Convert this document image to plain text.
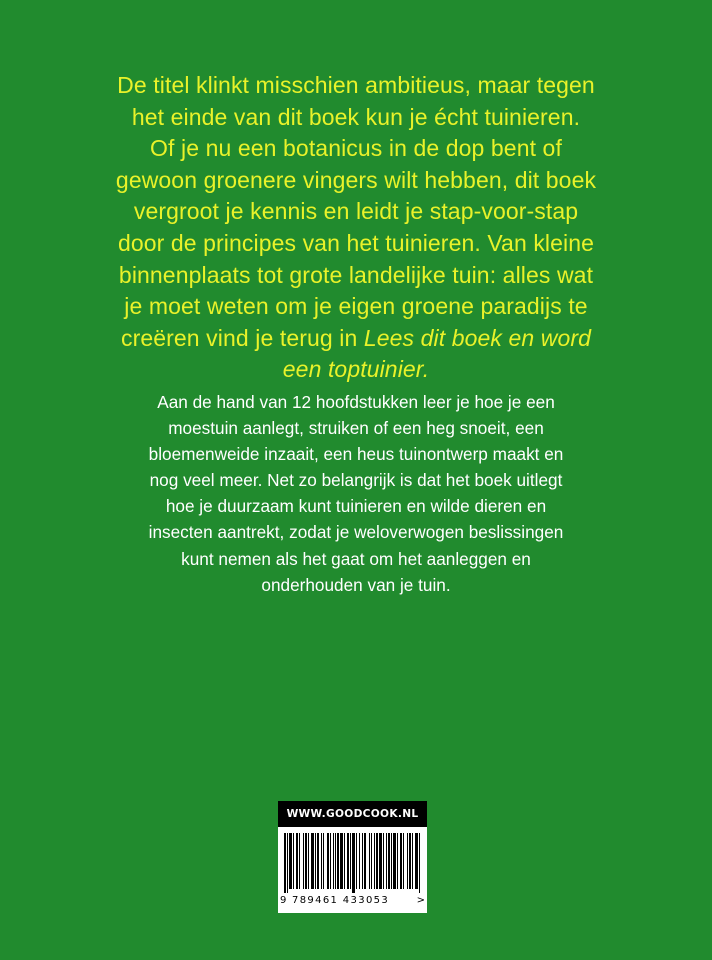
De titel klinkt misschien ambitieus, maar tegen
het einde van dit boek kun je écht tuinieren.
Of je nu een botanicus in de dop bent of
gewoon groenere vingers wilt hebben, dit boek
vergroot je kennis en leidt je stap-voor-stap
door de principes van het tuinieren. Van kleine
binnenplaats tot grote landelijke tuin: alles wat
je moet weten om je eigen groene paradijs te
creëren vind je terug in Lees dit boek en word
een toptuinier.
Aan de hand van 12 hoofdstukken leer je hoe je een
moestuin aanlegt, struiken of een heg snoeit, een
bloemenweide inzaait, een heus tuinontwerp maakt en
nog veel meer. Net zo belangrijk is dat het boek uitlegt
hoe je duurzaam kunt tuinieren en wilde dieren en
insecten aantrekt, zodat je weloverwogen beslissingen
kunt nemen als het gaat om het aanleggen en
onderhouden van je tuin.
WWW.GOODCOOK.NL
9 789461 433053	>
